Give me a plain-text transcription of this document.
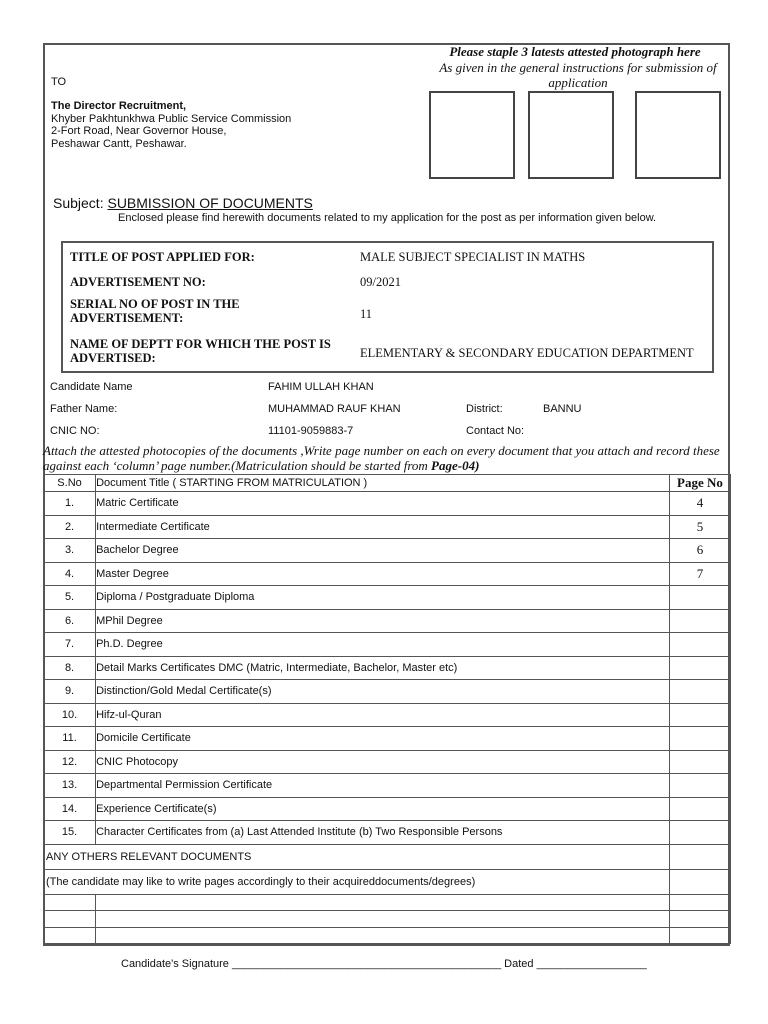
Please staple 3 latests attested photograph here
As given in the general instructions for submission of application
TO
The Director Recruitment,
Khyber Pakhtunkhwa Public Service Commission
2-Fort Road, Near Governor House,
Peshawar Cantt, Peshawar.
Subject: SUBMISSION OF DOCUMENTS
Enclosed please find herewith documents related to my application for the post as per information given below.
TITLE OF POST APPLIED FOR:	MALE SUBJECT SPECIALIST IN MATHS
ADVERTISEMENT NO:	09/2021
SERIAL NO OF POST IN THE ADVERTISEMENT:	11
NAME OF DEPTT FOR WHICH THE POST IS ADVERTISED:	ELEMENTARY & SECONDARY EDUCATION DEPARTMENT
Candidate Name	FAHIM ULLAH KHAN
Father Name:	MUHAMMAD RAUF KHAN	District:	BANNU
CNIC NO:	11101-9059883-7	Contact No:
Attach the attested photocopies of the documents ,Write page number on each on every document that you attach and record these against each ‘column’ page number.(Matriculation should be started from Page-04)
S.No	Document Title ( STARTING FROM MATRICULATION )	Page No
1.	Matric Certificate	4
2.	Intermediate Certificate	5
3.	Bachelor Degree	6
4.	Master Degree	7
5.	Diploma / Postgraduate Diploma	
6.	MPhil Degree	
7.	Ph.D. Degree	
8.	Detail Marks Certificates DMC (Matric, Intermediate, Bachelor, Master etc)	
9.	Distinction/Gold Medal Certificate(s)	
10.	Hifz-ul-Quran	
11.	Domicile Certificate	
12.	CNIC Photocopy	
13.	Departmental Permission Certificate	
14.	Experience Certificate(s)	
15.	Character Certificates from (a) Last Attended Institute (b) Two Responsible Persons	
ANY OTHERS RELEVANT DOCUMENTS		
(The candidate may like to write pages accordingly to their acquireddocuments/degrees)		

Candidate's Signature ____________________________________________ Dated __________________
